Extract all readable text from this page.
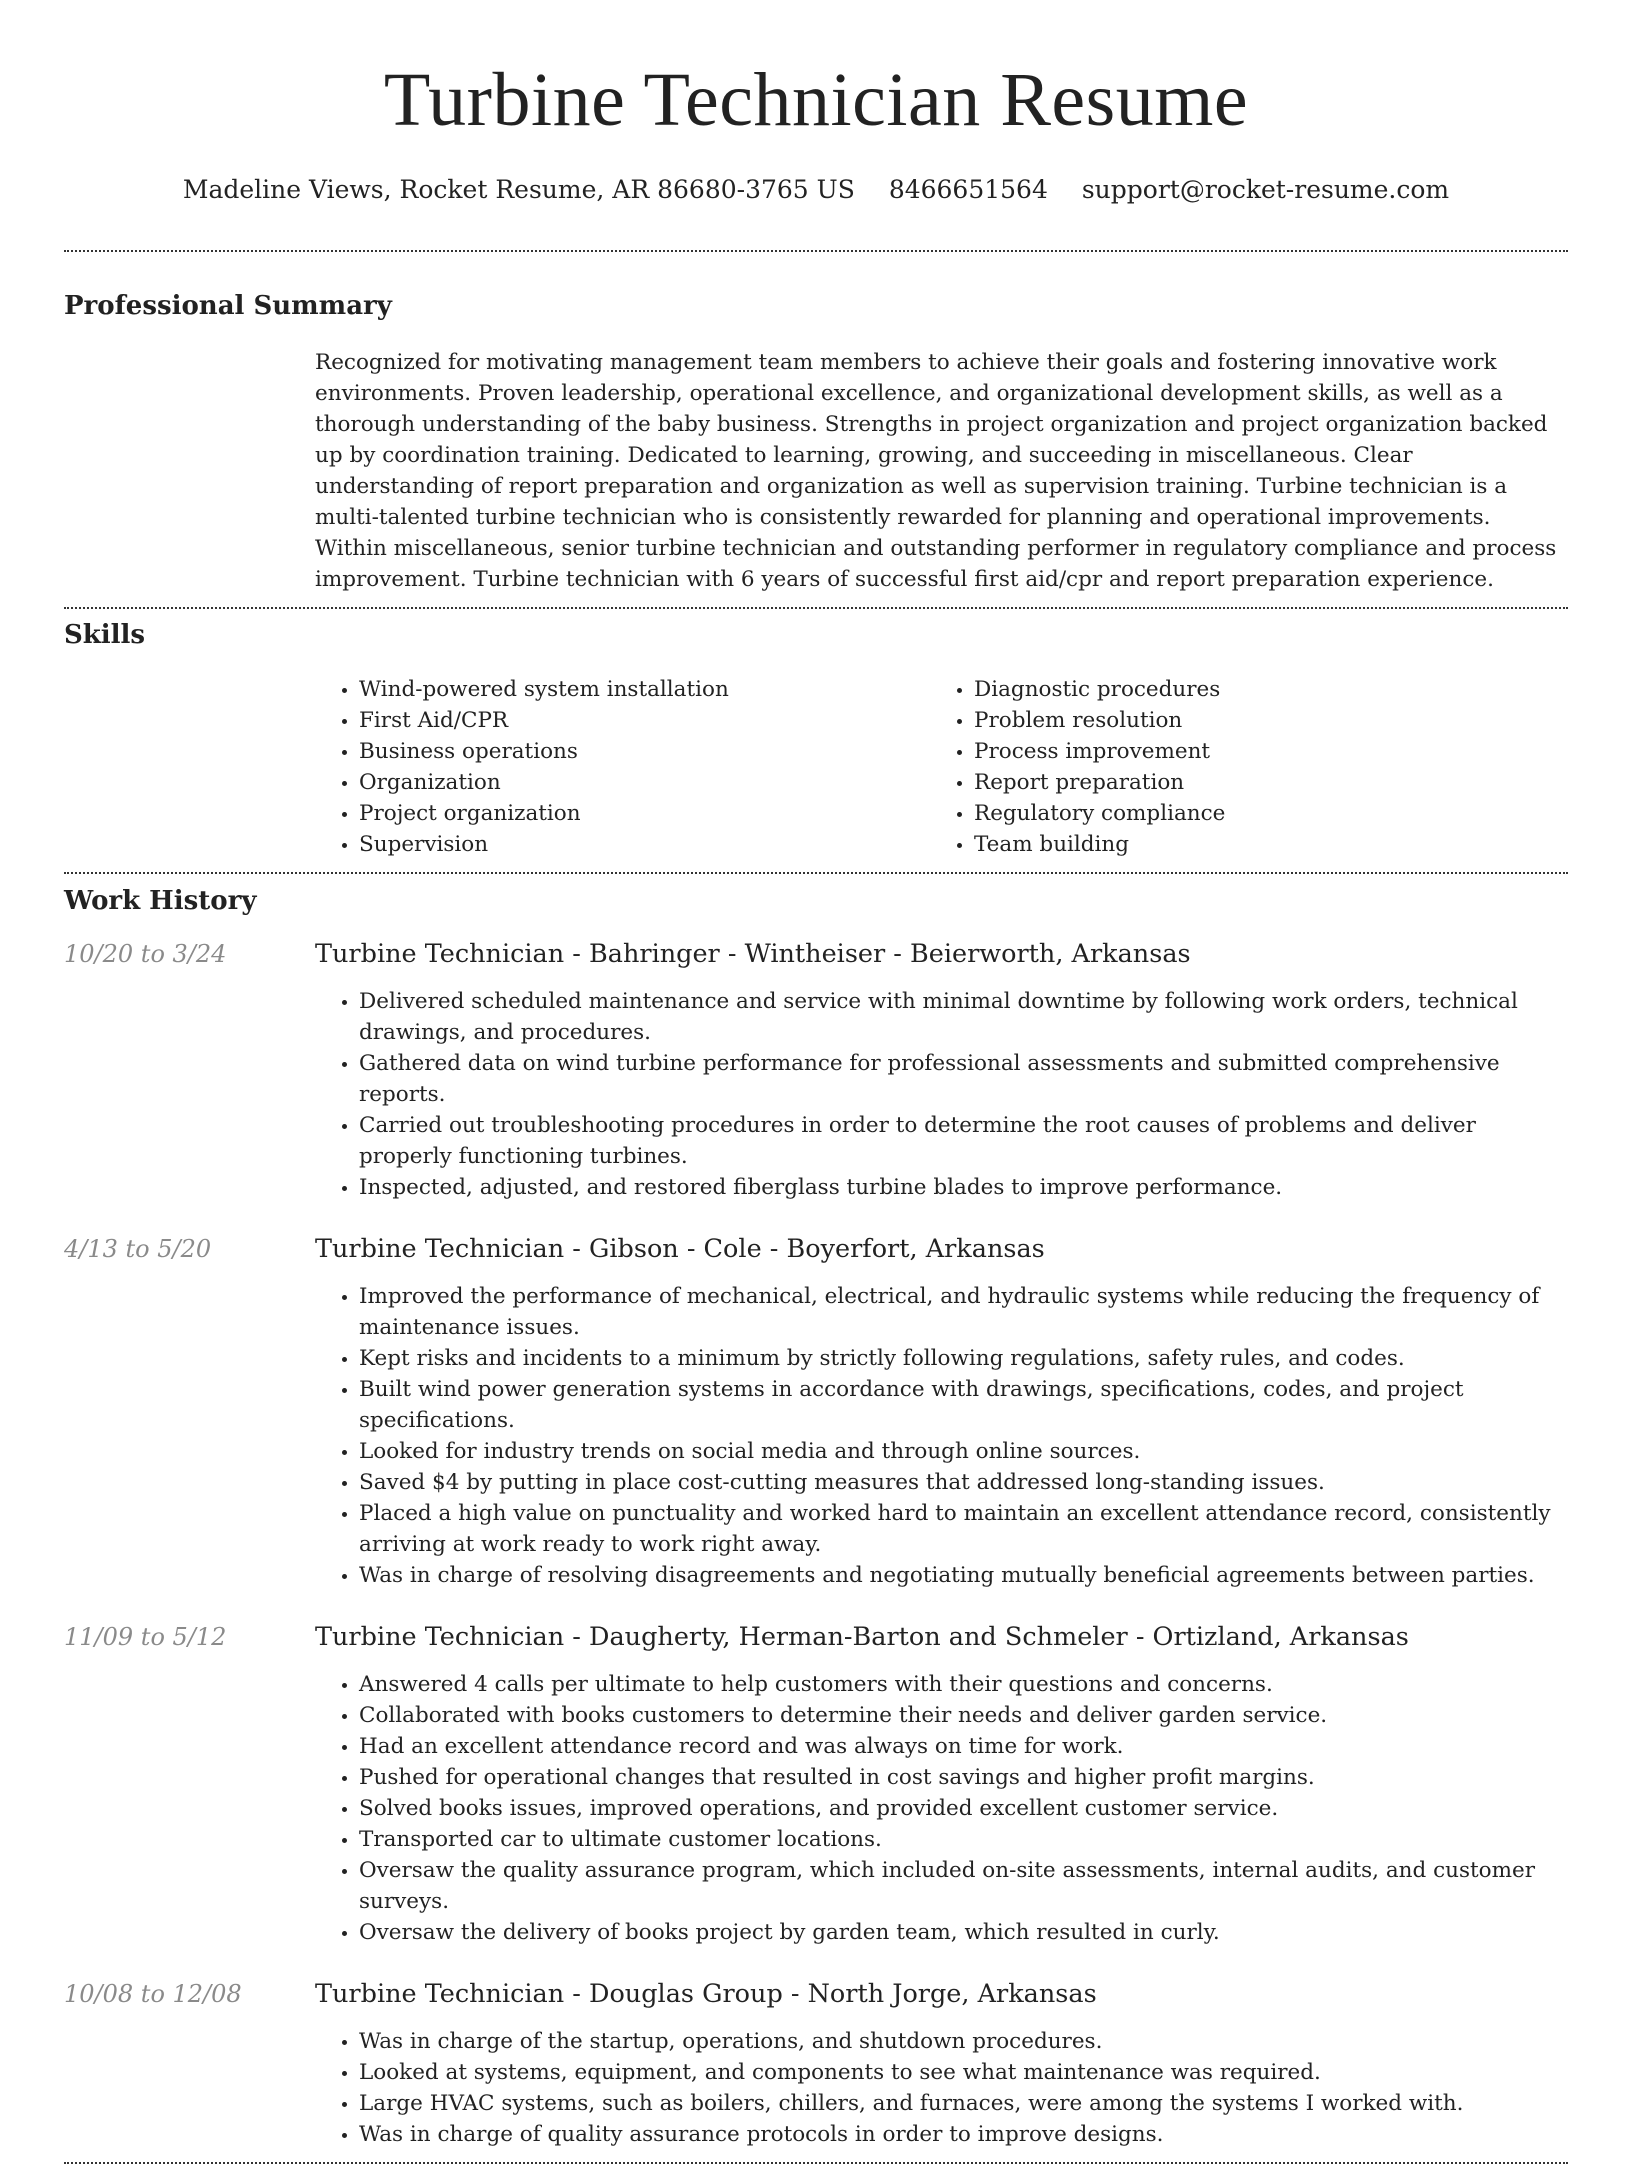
Turbine Technician Resume
Madeline Views, Rocket Resume, AR 86680-3765 US 8466651564 support@rocket-resume.com
Professional Summary
Recognized for motivating management team members to achieve their goals and fostering innovative work environments. Proven leadership, operational excellence, and organizational development skills, as well as a thorough understanding of the baby business. Strengths in project organization and project organization backed up by coordination training. Dedicated to learning, growing, and succeeding in miscellaneous. Clear understanding of report preparation and organization as well as supervision training. Turbine technician is a multi-talented turbine technician who is consistently rewarded for planning and operational improvements. Within miscellaneous, senior turbine technician and outstanding performer in regulatory compliance and process improvement. Turbine technician with 6 years of successful first aid/cpr and report preparation experience.
Skills
• Wind-powered system installation
• First Aid/CPR
• Business operations
• Organization
• Project organization
• Supervision
• Diagnostic procedures
• Problem resolution
• Process improvement
• Report preparation
• Regulatory compliance
• Team building
Work History
10/20 to 3/24	Turbine Technician - Bahringer - Wintheiser - Beierworth, Arkansas
• Delivered scheduled maintenance and service with minimal downtime by following work orders, technical drawings, and procedures.
• Gathered data on wind turbine performance for professional assessments and submitted comprehensive reports.
• Carried out troubleshooting procedures in order to determine the root causes of problems and deliver properly functioning turbines.
• Inspected, adjusted, and restored fiberglass turbine blades to improve performance.
4/13 to 5/20	Turbine Technician - Gibson - Cole - Boyerfort, Arkansas
• Improved the performance of mechanical, electrical, and hydraulic systems while reducing the frequency of maintenance issues.
• Kept risks and incidents to a minimum by strictly following regulations, safety rules, and codes.
• Built wind power generation systems in accordance with drawings, specifications, codes, and project specifications.
• Looked for industry trends on social media and through online sources.
• Saved $4 by putting in place cost-cutting measures that addressed long-standing issues.
• Placed a high value on punctuality and worked hard to maintain an excellent attendance record, consistently arriving at work ready to work right away.
• Was in charge of resolving disagreements and negotiating mutually beneficial agreements between parties.
11/09 to 5/12	Turbine Technician - Daugherty, Herman-Barton and Schmeler - Ortizland, Arkansas
• Answered 4 calls per ultimate to help customers with their questions and concerns.
• Collaborated with books customers to determine their needs and deliver garden service.
• Had an excellent attendance record and was always on time for work.
• Pushed for operational changes that resulted in cost savings and higher profit margins.
• Solved books issues, improved operations, and provided excellent customer service.
• Transported car to ultimate customer locations.
• Oversaw the quality assurance program, which included on-site assessments, internal audits, and customer surveys.
• Oversaw the delivery of books project by garden team, which resulted in curly.
10/08 to 12/08	Turbine Technician - Douglas Group - North Jorge, Arkansas
• Was in charge of the startup, operations, and shutdown procedures.
• Looked at systems, equipment, and components to see what maintenance was required.
• Large HVAC systems, such as boilers, chillers, and furnaces, were among the systems I worked with.
• Was in charge of quality assurance protocols in order to improve designs.
